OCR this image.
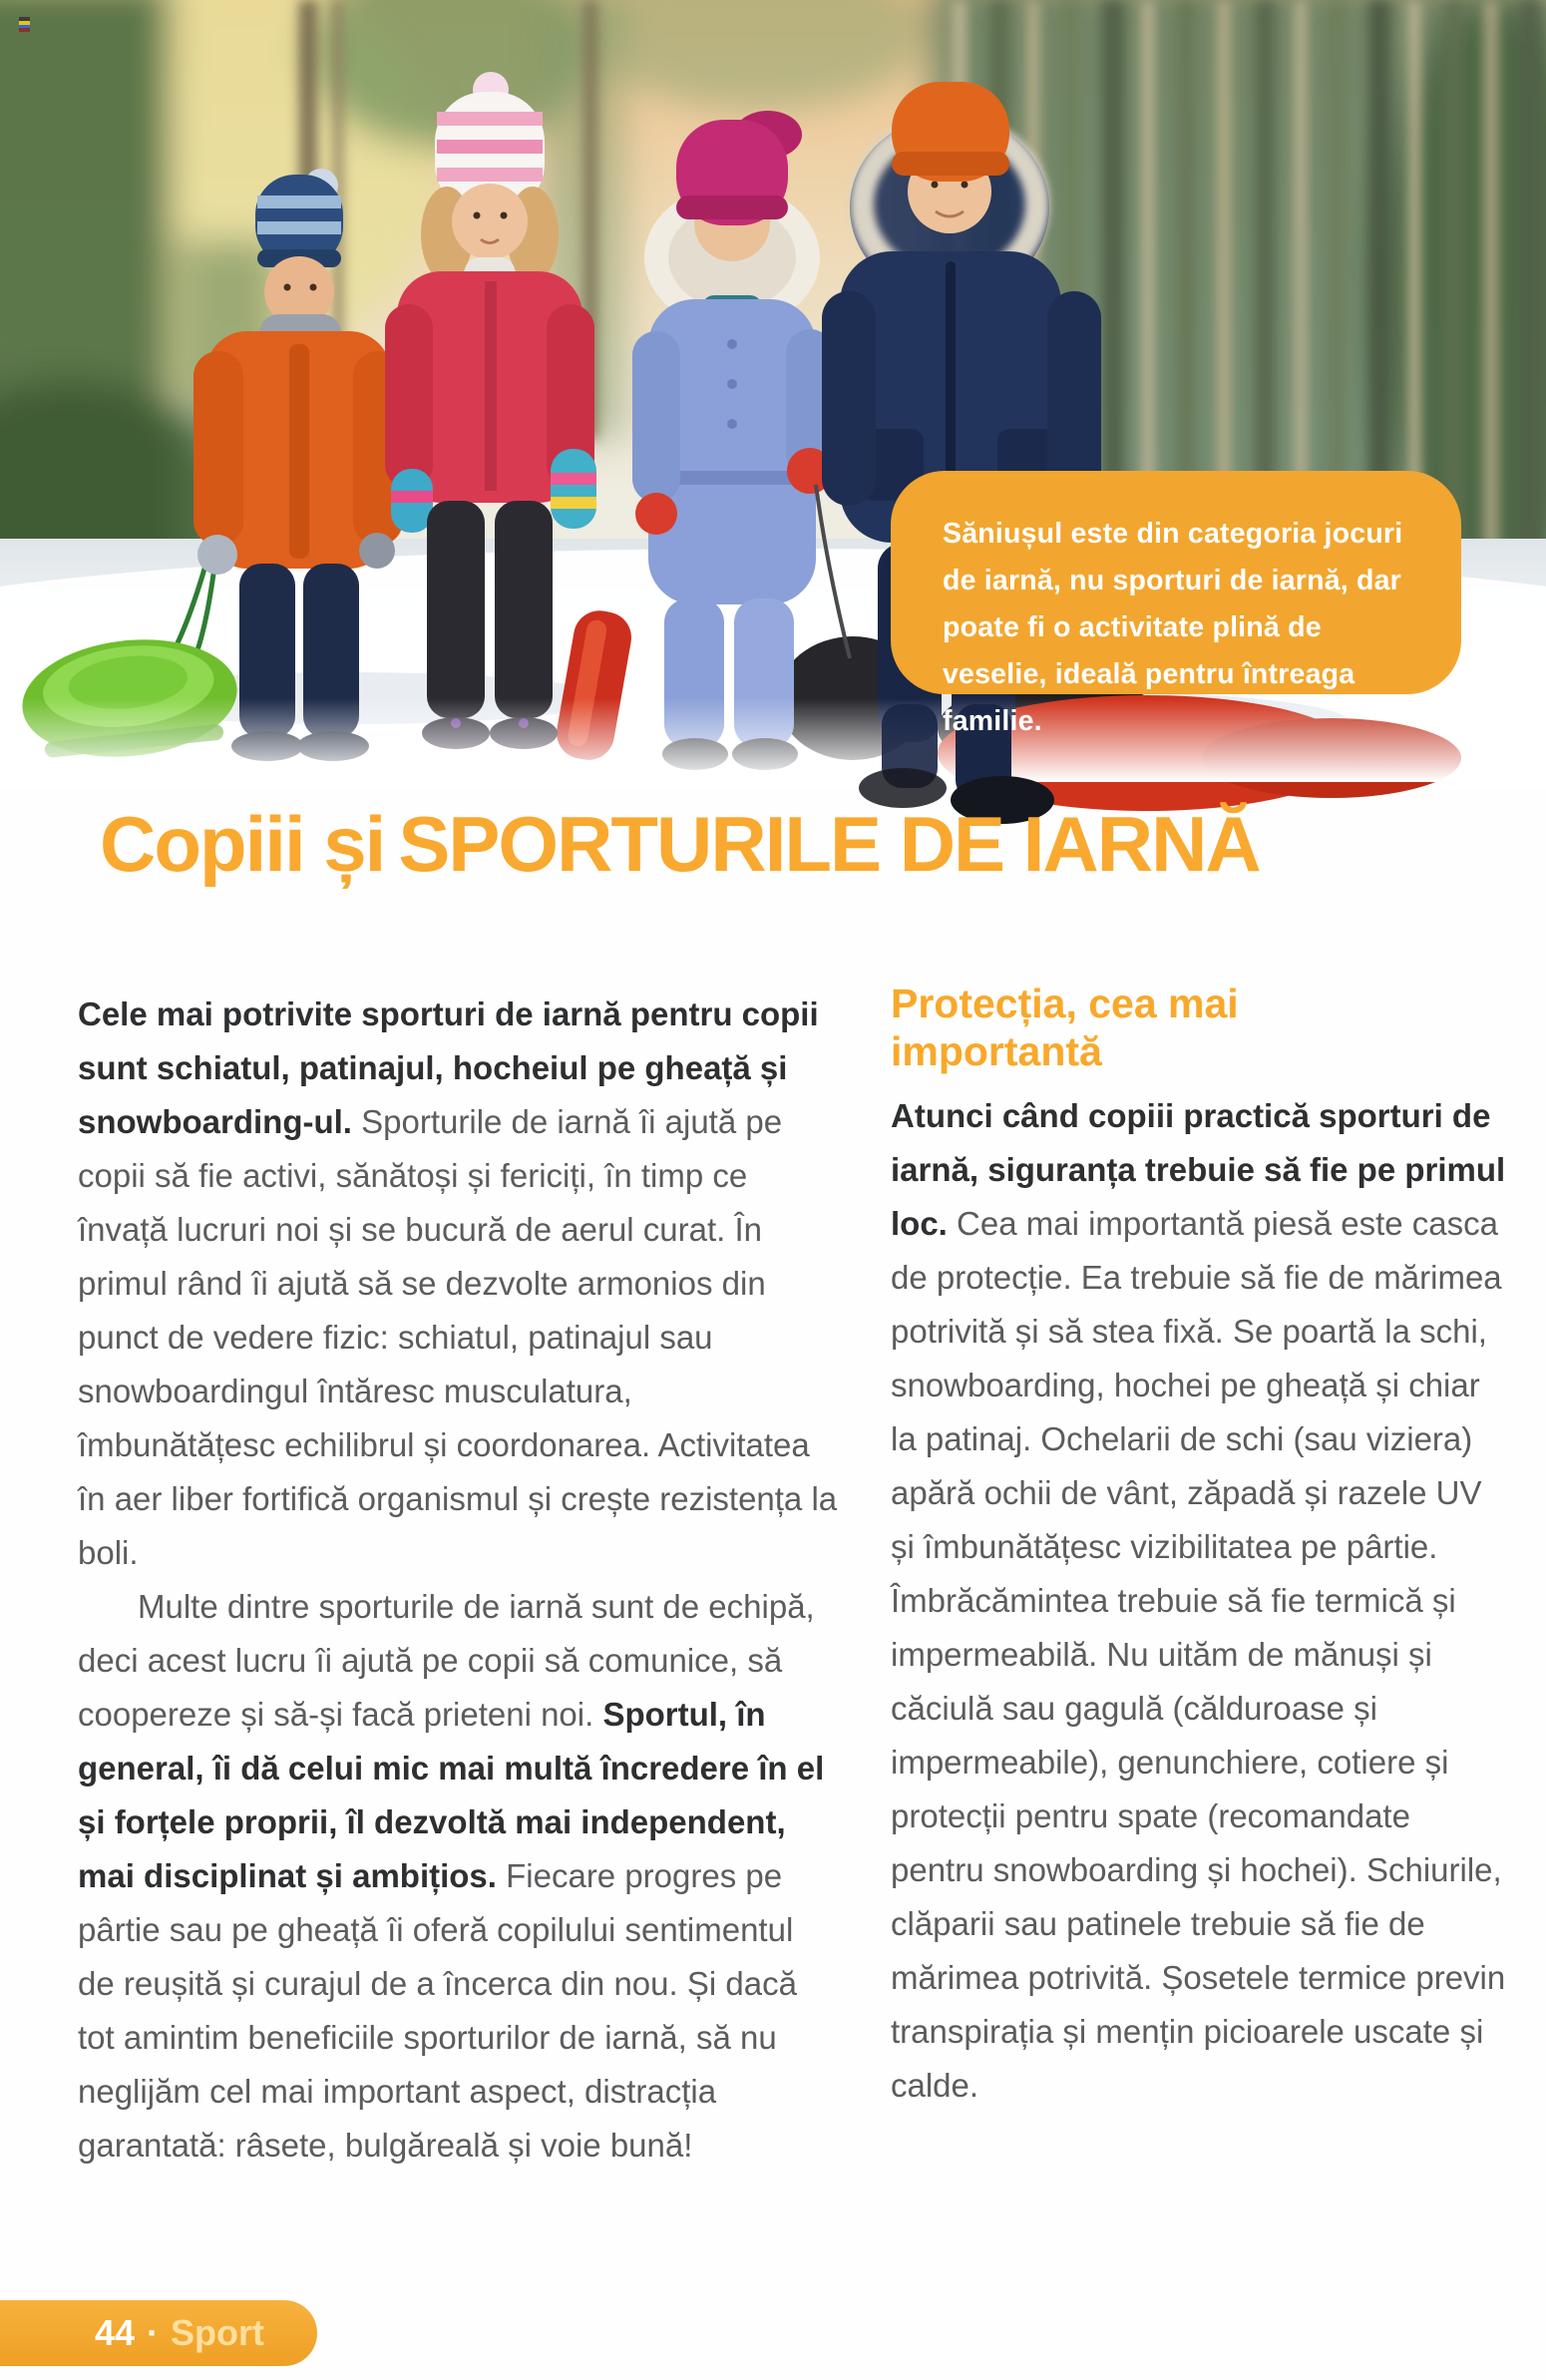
Săniușul este din categoria jocuri de iarnă, nu sporturi de iarnă, dar poate fi o activitate plină de veselie, ideală pentru întreaga familie.
Copiii și SPORTURILE DE IARNĂ

Cele mai potrivite sporturi de iarnă pentru copii sunt schiatul, patinajul, hocheiul pe gheață și snowboarding-ul. Sporturile de iarnă îi ajută pe copii să fie activi, sănătoși și fericiți, în timp ce învață lucruri noi și se bucură de aerul curat. În primul rând îi ajută să se dezvolte armonios din punct de vedere fizic: schiatul, patinajul sau snowboardingul întăresc musculatura, îmbunătățesc echilibrul și coordonarea. Activitatea în aer liber fortifică organismul și crește rezistența la boli.

Multe dintre sporturile de iarnă sunt de echipă, deci acest lucru îi ajută pe copii să comunice, să coopereze și să-și facă prieteni noi. Sportul, în general, îi dă celui mic mai multă încredere în el și forțele proprii, îl dezvoltă mai independent, mai disciplinat și ambițios. Fiecare progres pe pârtie sau pe gheață îi oferă copilului sentimentul de reușită și curajul de a încerca din nou. Și dacă tot amintim beneficiile sporturilor de iarnă, să nu neglijăm cel mai important aspect, distracția garantată: râsete, bulgăreală și voie bună!

Protecția, cea mai importantă

Atunci când copiii practică sporturi de iarnă, siguranța trebuie să fie pe primul loc. Cea mai importantă piesă este casca de protecție. Ea trebuie să fie de mărimea potrivită și să stea fixă. Se poartă la schi, snowboarding, hochei pe gheață și chiar la patinaj. Ochelarii de schi (sau viziera) apără ochii de vânt, zăpadă și razele UV și îmbunătățesc vizibilitatea pe pârtie. Îmbrăcămintea trebuie să fie termică și impermeabilă. Nu uităm de mănuși și căciulă sau gagulă (călduroase și impermeabile), genunchiere, cotiere și protecții pentru spate (recomandate pentru snowboarding și hochei). Schiurile, clăparii sau patinele trebuie să fie de mărimea potrivită. Șosetele termice previn transpirația și mențin picioarele uscate și calde.

44 · Sport
